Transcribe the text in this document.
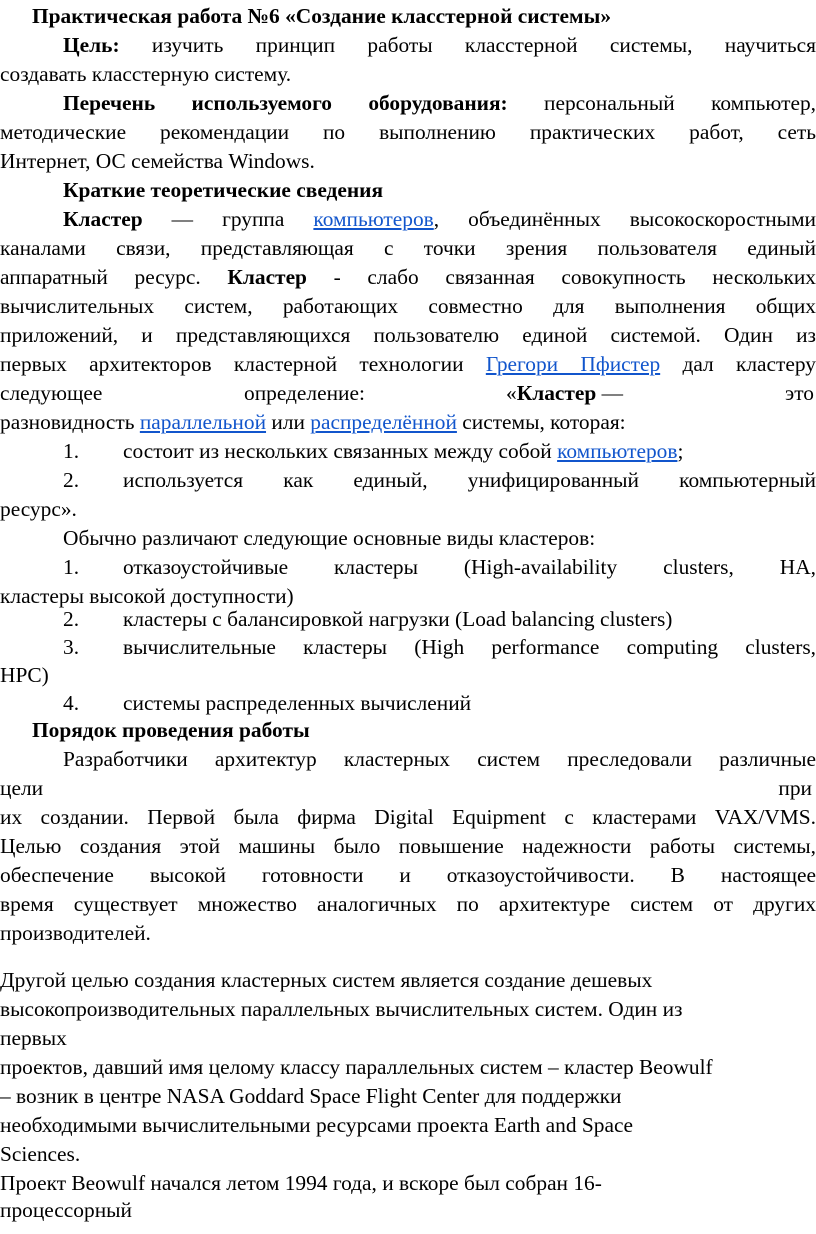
Практическая работа №6 «Создание класстерной системы»
Цель: изучить принцип работы класстерной системы, научиться
создавать класстерную систему.
Перечень используемого оборудования: персональный компьютер,
методические рекомендации по выполнению практических работ, сеть
Интернет, ОС семейства Windows.
Краткие теоретические сведения
Кластер — группа компьютеров, объединённых высокоскоростными
каналами связи, представляющая с точки зрения пользователя единый
аппаратный ресурс. Кластер - слабо связанная совокупность нескольких
вычислительных систем, работающих совместно для выполнения общих
приложений, и представляющихся пользователю единой системой. Один из
первых архитекторов кластерной технологии Грегори Пфистер дал кластеру
следующее	определение:	«Кластер —	это
разновидность параллельной или распределённой системы, которая:
1. состоит из нескольких связанных между собой компьютеров;
2. используется как единый, унифицированный компьютерный
ресурс».
Обычно различают следующие основные виды кластеров:
1. отказоустойчивые кластеры (High-availability clusters, HA,
кластеры высокой доступности)
2. кластеры с балансировкой нагрузки (Load balancing clusters)
3. вычислительные кластеры (High performance computing clusters,
HPC)
4. системы распределенных вычислений
Порядок проведения работы
Разработчики архитектур кластерных систем преследовали различные
цели	при
их создании. Первой была фирма Digital Equipment с кластерами VAX/VMS.
Целью создания этой машины было повышение надежности работы системы,
обеспечение высокой готовности и отказоустойчивости. В настоящее
время существует множество аналогичных по архитектуре систем от других
производителей.
Другой целью создания кластерных систем является создание дешевых
высокопроизводительных параллельных вычислительных систем. Один из
первых
проектов, давший имя целому классу параллельных систем – кластер Beowulf
– возник в центре NASA Goddard Space Flight Center для поддержки
необходимыми вычислительными ресурсами проекта Earth and Space
Sciences.
Проект Beowulf начался летом 1994 года, и вскоре был собран 16-
процессорный
